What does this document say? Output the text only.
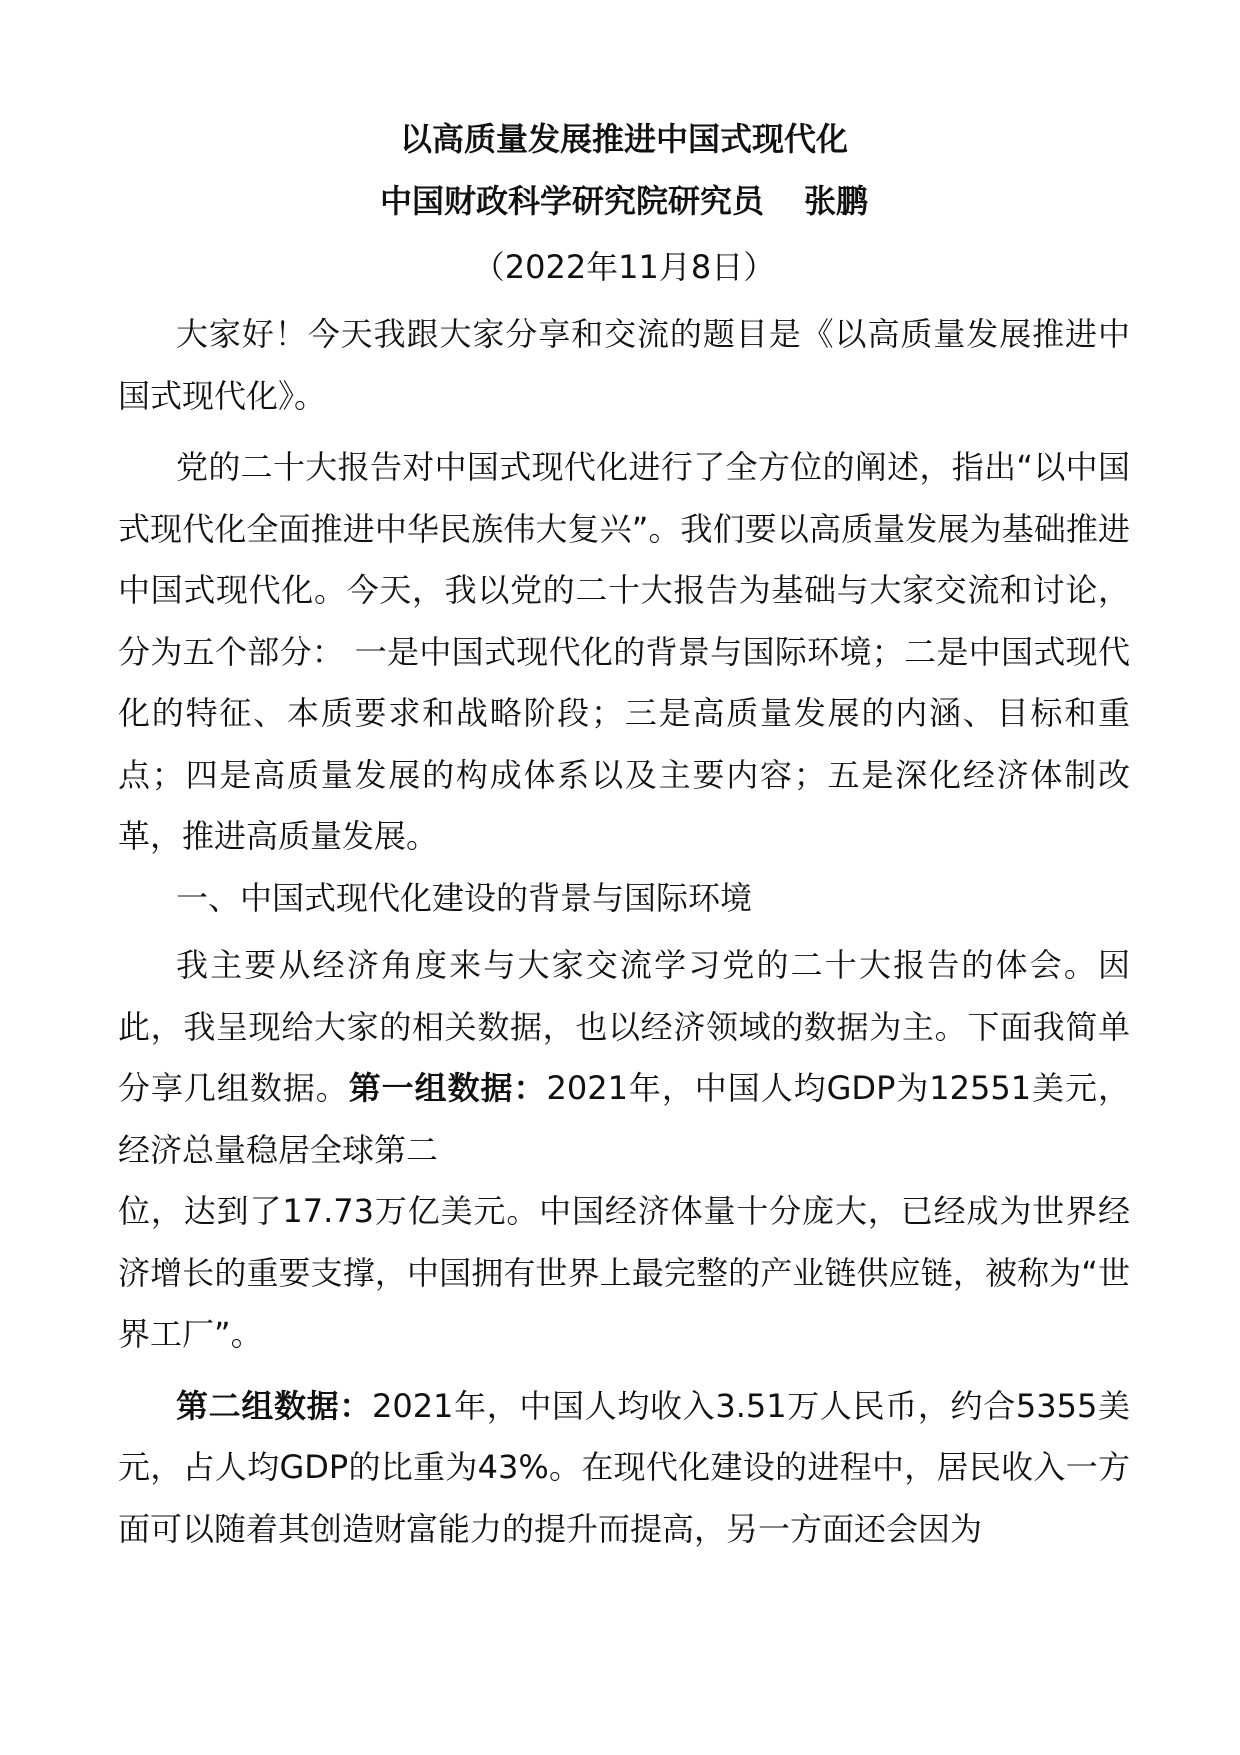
以高质量发展推进中国式现代化
中国财政科学研究院研究员 张鹏
（2022年11月8日）

大家好！今天我跟大家分享和交流的题目是《以高质量发展推进中国式现代化》。

党的二十大报告对中国式现代化进行了全方位的阐述，指出“以中国式现代化全面推进中华民族伟大复兴”。我们要以高质量发展为基础推进中国式现代化。今天，我以党的二十大报告为基础与大家交流和讨论，分为五个部分： 一是中国式现代化的背景与国际环境；二是中国式现代化的特征、本质要求和战略阶段；三是高质量发展的内涵、目标和重点；四是高质量发展的构成体系以及主要内容；五是深化经济体制改革，推进高质量发展。

一、中国式现代化建设的背景与国际环境

我主要从经济角度来与大家交流学习党的二十大报告的体会。因此，我呈现给大家的相关数据，也以经济领域的数据为主。下面我简单分享几组数据。第一组数据：2021年，中国人均GDP为12551美元，经济总量稳居全球第二

位，达到了17.73万亿美元。中国经济体量十分庞大，已经成为世界经济增长的重要支撑，中国拥有世界上最完整的产业链供应链，被称为“世界工厂”。

第二组数据：2021年，中国人均收入3.51万人民币，约合5355美元，占人均GDP的比重为43%。在现代化建设的进程中，居民收入一方面可以随着其创造财富能力的提升而提高，另一方面还会因为
